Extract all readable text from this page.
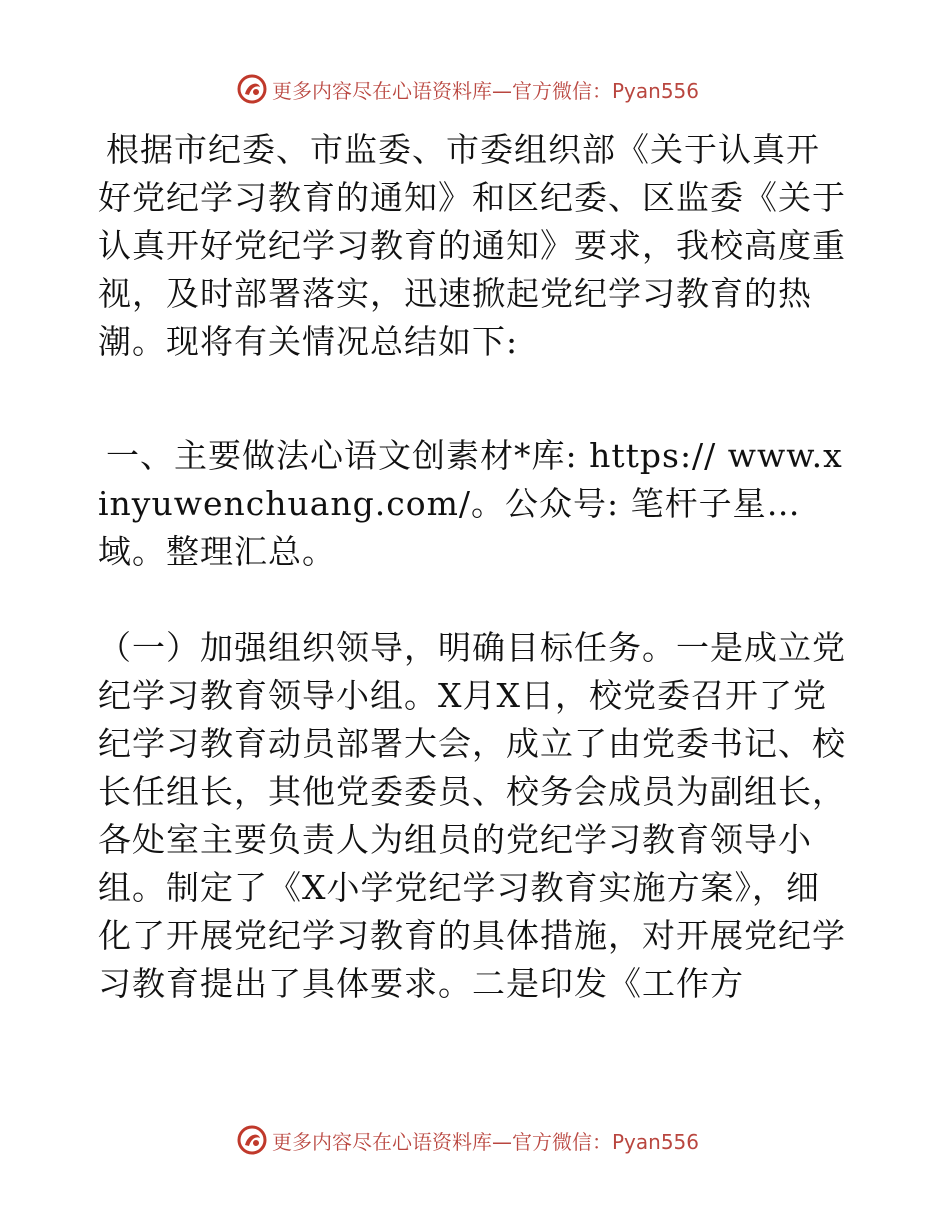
更多内容尽在心语资料库—官方微信：Pyan556

根据市纪委、市监委、市委组织部《关于认真开好党纪学习教育的通知》和区纪委、区监委《关于认真开好党纪学习教育的通知》要求，我校高度重视，及时部署落实，迅速掀起党纪学习教育的热潮。现将有关情况总结如下:

一、主要做法心语文创素材*库: https:// www.xinyuwenchuang.com/。公众号: 笔杆子星…域。整理汇总。

（一）加强组织领导，明确目标任务。一是成立党纪学习教育领导小组。X月X日，校党委召开了党纪学习教育动员部署大会，成立了由党委书记、校长任组长，其他党委委员、校务会成员为副组长，各处室主要负责人为组员的党纪学习教育领导小组。制定了《X小学党纪学习教育实施方案》，细化了开展党纪学习教育的具体措施，对开展党纪学习教育提出了具体要求。二是印发《工作方

更多内容尽在心语资料库—官方微信：Pyan556
